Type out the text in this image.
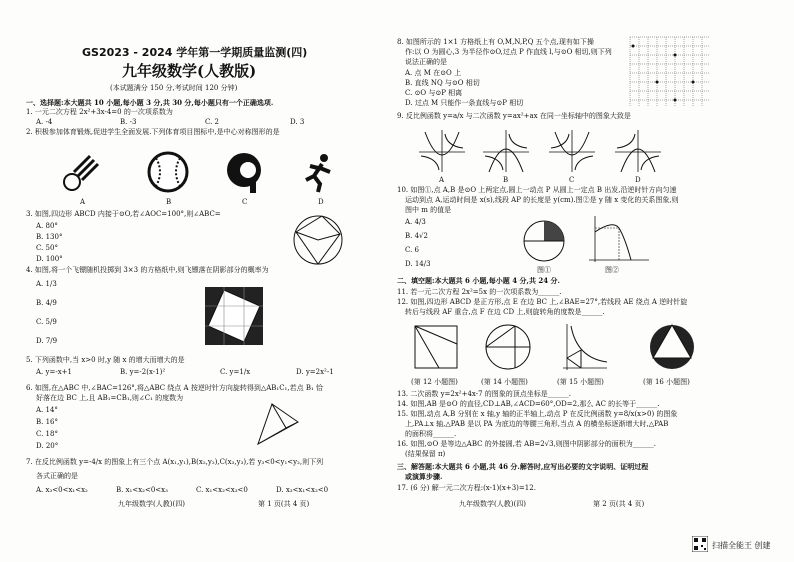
GS2023 - 2024 学年第一学期质量监测(四)
九年级数学(人教版)
(本试题满分 150 分,考试时间 120 分钟)
一、选择题:本大题共 10 小题,每小题 3 分,共 30 分,每小题只有一个正确选项.
1. 一元二次方程 2x²+3x-4=0 的一次项系数为
A. -4	B. -3	C. 2	D. 3
2. 积极参加体育锻炼,促进学生全面发展.下列体育项目图标中,是中心对称图形的是
A	B	C	D
3. 如图,四边形 ABCD 内接于⊙O,若∠AOC=100°,则∠ABC=
A. 80°
B. 130°
C. 50°
D. 100°
4. 如图,将一个飞镖随机投掷到 3×3 的方格纸中,则飞镖落在阴影部分的概率为
A. 1/3
B. 4/9
C. 5/9
D. 7/9
5. 下列函数中,当 x>0 时,y 随 x 的增大而增大的是
A. y=-x+1	B. y=-2(x-1)²	C. y=1/x	D. y=2x²-1
6. 如图,在△ABC 中,∠BAC=126°,将△ABC 绕点 A 按逆时针方向旋转得到△AB₁C₁,若点 B₁ 恰
好落在边 BC 上,且 AB₁=CB₁,则∠C₁ 的度数为
A. 14°
B. 16°
C. 18°
D. 20°
7. 在反比例函数 y=-4/x 的图象上有三个点 A(x₁,y₁),B(x₂,y₂),C(x₃,y₃),若 y₃<0<y₁<y₂,则下列
各式正确的是
A. x₃<0<x₁<x₂	B. x₁<x₂<0<x₃	C. x₁<x₂<x₃<0	D. x₃<x₁<x₂<0
九年级数学(人教)(四)	第 1 页(共 4 页)
8. 如图所示的 1×1 方格纸上有 O,M,N,P,Q 五个点,现有如下操
作:以 O 为圆心,3 为半径作⊙O,过点 P 作直线 l,与⊙O 相切,则下列
说法正确的是
A. 点 M 在⊙O 上
B. 直线 NQ 与⊙O 相切
C. ⊙O 与⊙P 相离
D. 过点 M 只能作一条直线与⊙P 相切
9. 反比例函数 y=a/x 与二次函数 y=ax²+ax 在同一坐标轴中的图象大致是
A	B	C	D
10. 如图①,点 A,B 是⊙O 上两定点,圆上一动点 P 从圆上一定点 B 出发,沿逆时针方向匀速
运动到点 A,运动时间是 x(s),线段 AP 的长度是 y(cm).图②是 y 随 x 变化的关系图象,则
图中 m 的值是
A. 4/3
B. 4√2
C. 6
D. 14/3
图①	图②
二、填空题:本大题共 6 小题,每小题 4 分,共 24 分.
11. 若一元二次方程 2x²=5x 的一次项系数为______.
12. 如图,四边形 ABCD 是正方形,点 E 在边 BC 上,∠BAE=27°,若线段 AE 绕点 A 逆时针旋
转后与线段 AF 重合,点 F 在边 CD 上,则旋转角的度数是______.
(第 12 小题图)	(第 14 小题图)	(第 15 小题图)	(第 16 小题图)
13. 二次函数 y=2x²+4x-7 的图象的顶点坐标是______.
14. 如图,AB 是⊙O 的直径,CD⊥AB,∠ACD=60°,OD=2,那么 AC 的长等于______.
15. 如图,动点 A,B 分别在 x 轴,y 轴的正半轴上,动点 P 在反比例函数 y=8/x(x>0) 的图象
上,PA⊥x 轴,△PAB 是以 PA 为底边的等腰三角形,当点 A 的横坐标逐渐增大时,△PAB
的面积将______.
16. 如图,⊙O 是等边△ABC 的外接圆,若 AB=2√3,则图中阴影部分的面积为______.
(结果保留 π)
三、解答题:本大题共 6 小题,共 46 分.解答时,应写出必要的文字说明、证明过程
或演算步骤.
17. (6 分) 解一元二次方程:(x-1)(x+3)=12.
九年级数学(人教)(四)	第 2 页(共 4 页)
扫描全能王 创建
